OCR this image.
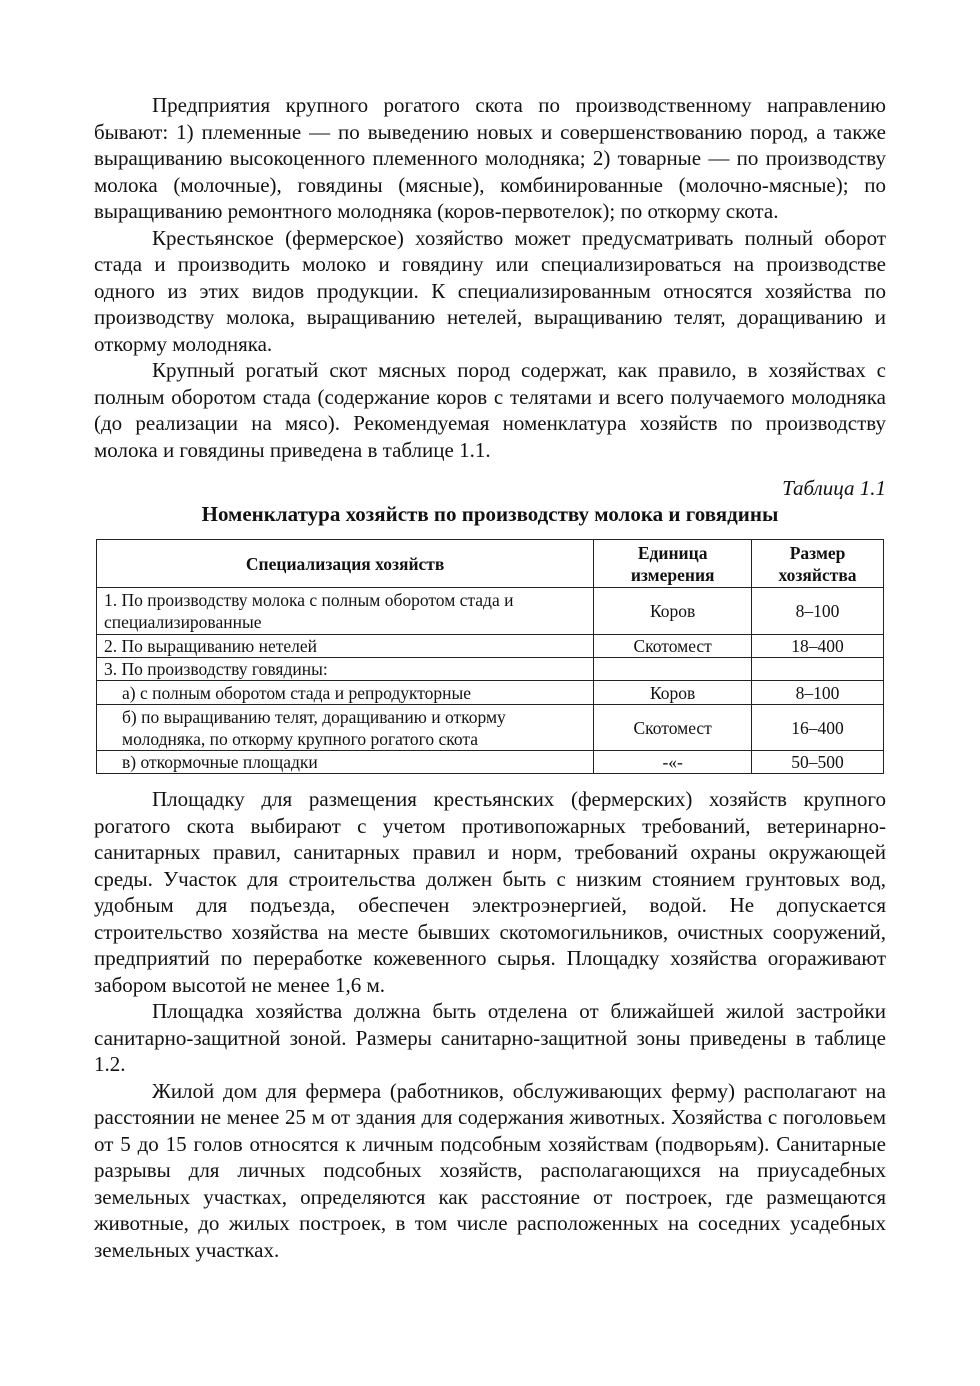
Предприятия крупного рогатого скота по производственному направлению бывают: 1) племенные — по выведению новых и совершенствованию пород, а также выращиванию высокоценного племенного молодняка; 2) товарные — по производству молока (молочные), говядины (мясные), комбинированные (молочно-мясные); по выращиванию ремонтного молодняка (коров-первотелок); по откорму скота.

Крестьянское (фермерское) хозяйство может предусматривать полный оборот стада и производить молоко и говядину или специализироваться на производстве одного из этих видов продукции. К специализированным относятся хозяйства по производству молока, выращиванию нетелей, выращиванию телят, доращиванию и откорму молодняка.

Крупный рогатый скот мясных пород содержат, как правило, в хозяйствах с полным оборотом стада (содержание коров с телятами и всего получаемого молодняка (до реализации на мясо). Рекомендуемая номенклатура хозяйств по производству молока и говядины приведена в таблице 1.1.

Таблица 1.1

Номенклатура хозяйств по производству молока и говядины

Специализация хозяйств	Единица измерения	Размер хозяйства
1. По производству молока с полным оборотом стада и специализированные	Коров	8–100
2. По выращиванию нетелей	Скотомест	18–400
3. По производству говядины:		
а) с полным оборотом стада и репродукторные	Коров	8–100
б) по выращиванию телят, доращиванию и откорму молодняка, по откорму крупного рогатого скота	Скотомест	16–400
в) откормочные площадки	-«-	50–500

Площадку для размещения крестьянских (фермерских) хозяйств крупного рогатого скота выбирают с учетом противопожарных требований, ветеринарно-санитарных правил, санитарных правил и норм, требований охраны окружающей среды. Участок для строительства должен быть с низким стоянием грунтовых вод, удобным для подъезда, обеспечен электроэнергией, водой. Не допускается строительство хозяйства на месте бывших скотомогильников, очистных сооружений, предприятий по переработке кожевенного сырья. Площадку хозяйства огораживают забором высотой не менее 1,6 м.

Площадка хозяйства должна быть отделена от ближайшей жилой застройки санитарно-защитной зоной. Размеры санитарно-защитной зоны приведены в таблице 1.2.

Жилой дом для фермера (работников, обслуживающих ферму) располагают на расстоянии не менее 25 м от здания для содержания животных. Хозяйства с поголовьем от 5 до 15 голов относятся к личным подсобным хозяйствам (подворьям). Санитарные разрывы для личных подсобных хозяйств, располагающихся на приусадебных земельных участках, определяются как расстояние от построек, где размещаются животные, до жилых построек, в том числе расположенных на соседних усадебных земельных участках.
